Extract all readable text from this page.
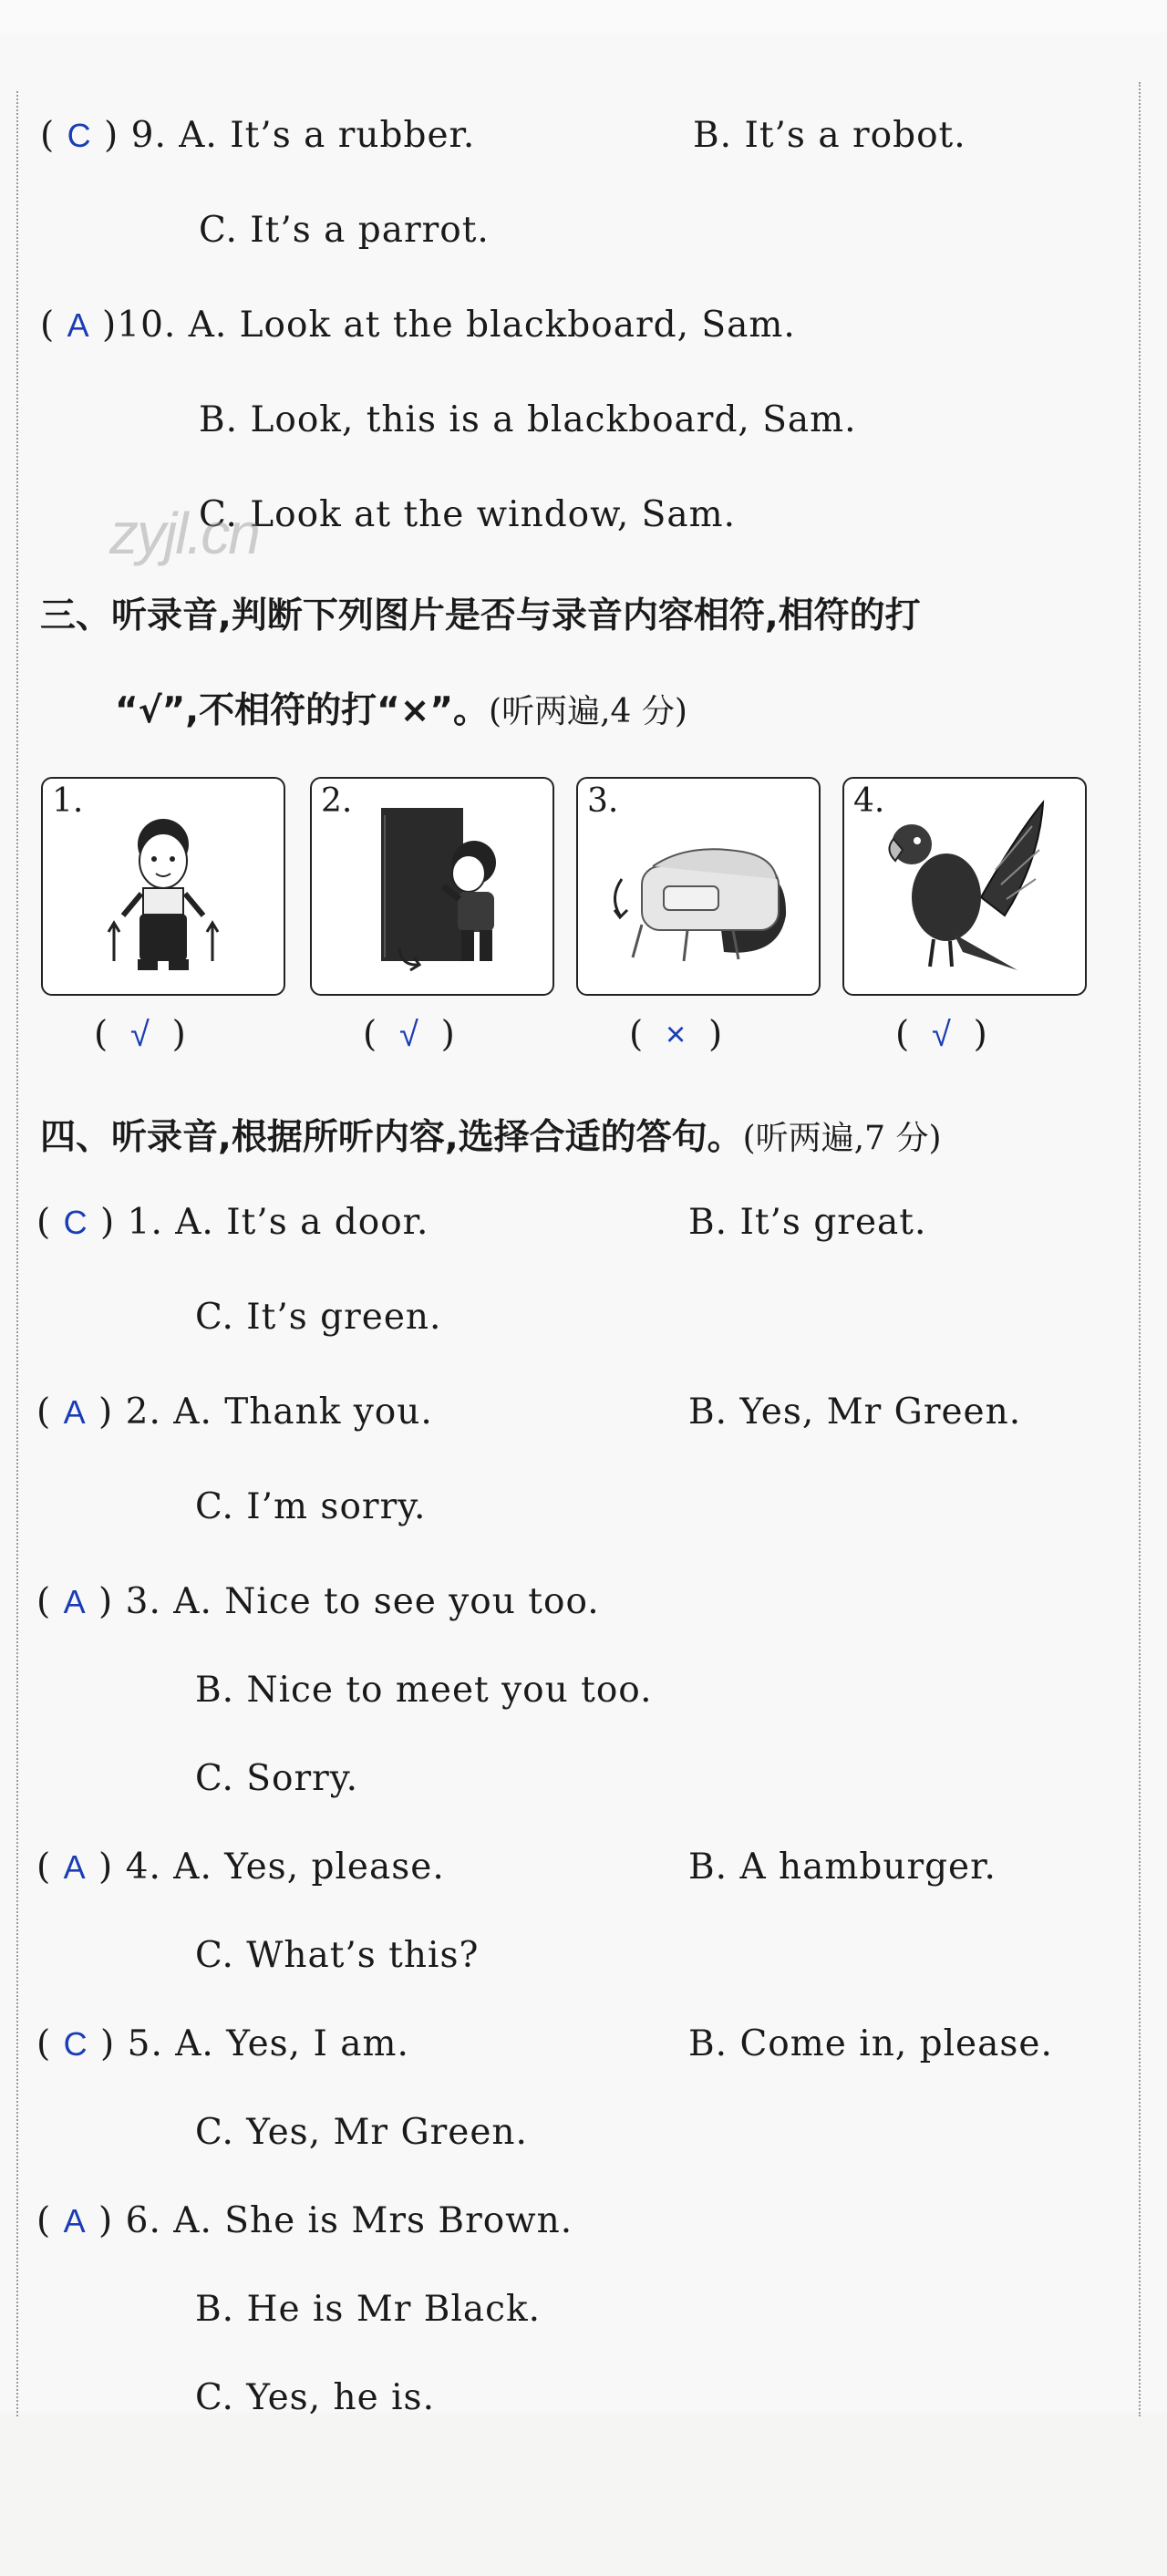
( C ) 9. A. It’s a rubber.	B. It’s a robot.
C. It’s a parrot.
( A )10. A. Look at the blackboard, Sam.
B. Look, this is a blackboard, Sam.
C. Look at the window, Sam.
zyjl.cn
三、听录音,判断下列图片是否与录音内容相符,相符的打
“√”,不相符的打“×”。(听两遍,4 分)
1.	2.	3.	4.
(  √  )	(  √  )	(  ×  )	(  √  )
四、听录音,根据所听内容,选择合适的答句。(听两遍,7 分)
( C ) 1. A. It’s a door.	B. It’s great.
C. It’s green.
( A ) 2. A. Thank you.	B. Yes, Mr Green.
C. I’m sorry.
( A ) 3. A. Nice to see you too.
B. Nice to meet you too.
C. Sorry.
( A ) 4. A. Yes, please.	B. A hamburger.
C. What’s this?
( C ) 5. A. Yes, I am.	B. Come in, please.
C. Yes, Mr Green.
( A ) 6. A. She is Mrs Brown.
B. He is Mr Black.
C. Yes, he is.
